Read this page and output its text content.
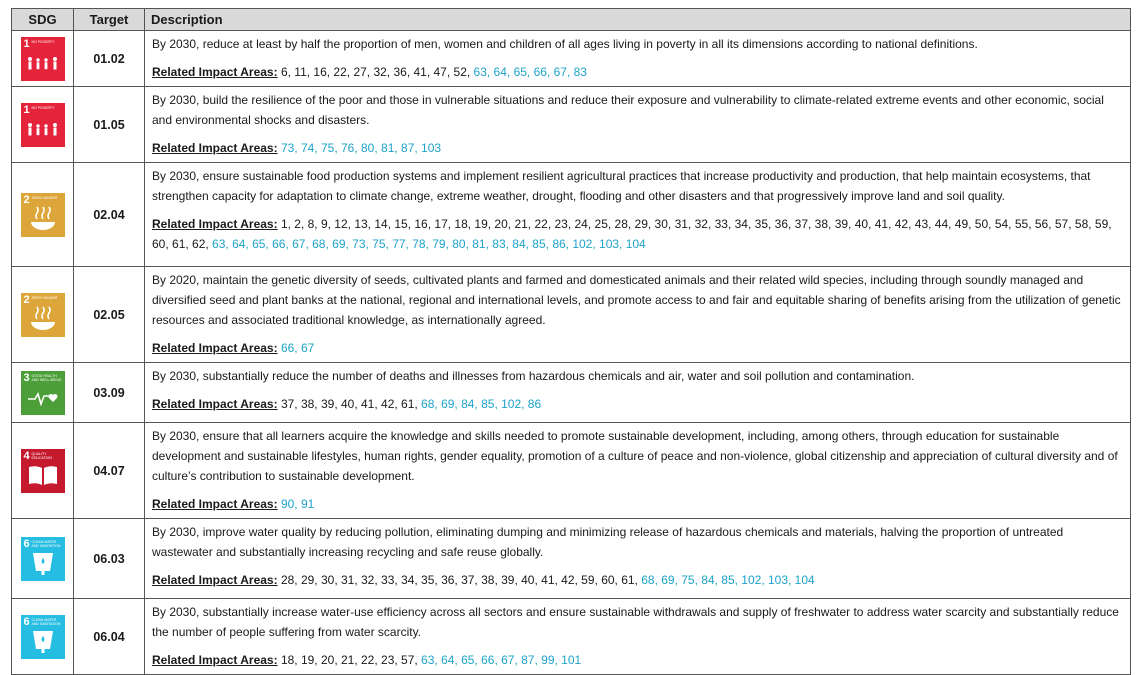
SDG	Target	Description

1 NO POVERTY	01.02	By 2030, reduce at least by half the proportion of men, women and children of all ages living in poverty in all its dimensions according to national definitions.
Related Impact Areas: 6, 11, 16, 22, 27, 32, 36, 41, 47, 52, 63, 64, 65, 66, 67, 83

1 NO POVERTY	01.05	By 2030, build the resilience of the poor and those in vulnerable situations and reduce their exposure and vulnerability to climate-related extreme events and other economic, social and environmental shocks and disasters.
Related Impact Areas: 73, 74, 75, 76, 80, 81, 87, 103

2 ZERO HUNGER	02.04	By 2030, ensure sustainable food production systems and implement resilient agricultural practices that increase productivity and production, that help maintain ecosystems, that strengthen capacity for adaptation to climate change, extreme weather, drought, flooding and other disasters and that progressively improve land and soil quality.
Related Impact Areas: 1, 2, 8, 9, 12, 13, 14, 15, 16, 17, 18, 19, 20, 21, 22, 23, 24, 25, 28, 29, 30, 31, 32, 33, 34, 35, 36, 37, 38, 39, 40, 41, 42, 43, 44, 49, 50, 54, 55, 56, 57, 58, 59, 60, 61, 62, 63, 64, 65, 66, 67, 68, 69, 73, 75, 77, 78, 79, 80, 81, 83, 84, 85, 86, 102, 103, 104

2 ZERO HUNGER	02.05	By 2020, maintain the genetic diversity of seeds, cultivated plants and farmed and domesticated animals and their related wild species, including through soundly managed and diversified seed and plant banks at the national, regional and international levels, and promote access to and fair and equitable sharing of benefits arising from the utilization of genetic resources and associated traditional knowledge, as internationally agreed.
Related Impact Areas: 66, 67

3 GOOD HEALTH AND WELL-BEING	03.09	By 2030, substantially reduce the number of deaths and illnesses from hazardous chemicals and air, water and soil pollution and contamination.
Related Impact Areas: 37, 38, 39, 40, 41, 42, 61, 68, 69, 84, 85, 102, 86

4 QUALITY EDUCATION	04.07	By 2030, ensure that all learners acquire the knowledge and skills needed to promote sustainable development, including, among others, through education for sustainable development and sustainable lifestyles, human rights, gender equality, promotion of a culture of peace and non-violence, global citizenship and appreciation of cultural diversity and of culture’s contribution to sustainable development.
Related Impact Areas: 90, 91

6 CLEAN WATER AND SANITATION	06.03	By 2030, improve water quality by reducing pollution, eliminating dumping and minimizing release of hazardous chemicals and materials, halving the proportion of untreated wastewater and substantially increasing recycling and safe reuse globally.
Related Impact Areas: 28, 29, 30, 31, 32, 33, 34, 35, 36, 37, 38, 39, 40, 41, 42, 59, 60, 61, 68, 69, 75, 84, 85, 102, 103, 104

6 CLEAN WATER AND SANITATION	06.04	By 2030, substantially increase water-use efficiency across all sectors and ensure sustainable withdrawals and supply of freshwater to address water scarcity and substantially reduce the number of people suffering from water scarcity.
Related Impact Areas: 18, 19, 20, 21, 22, 23, 57, 63, 64, 65, 66, 67, 87, 99, 101
